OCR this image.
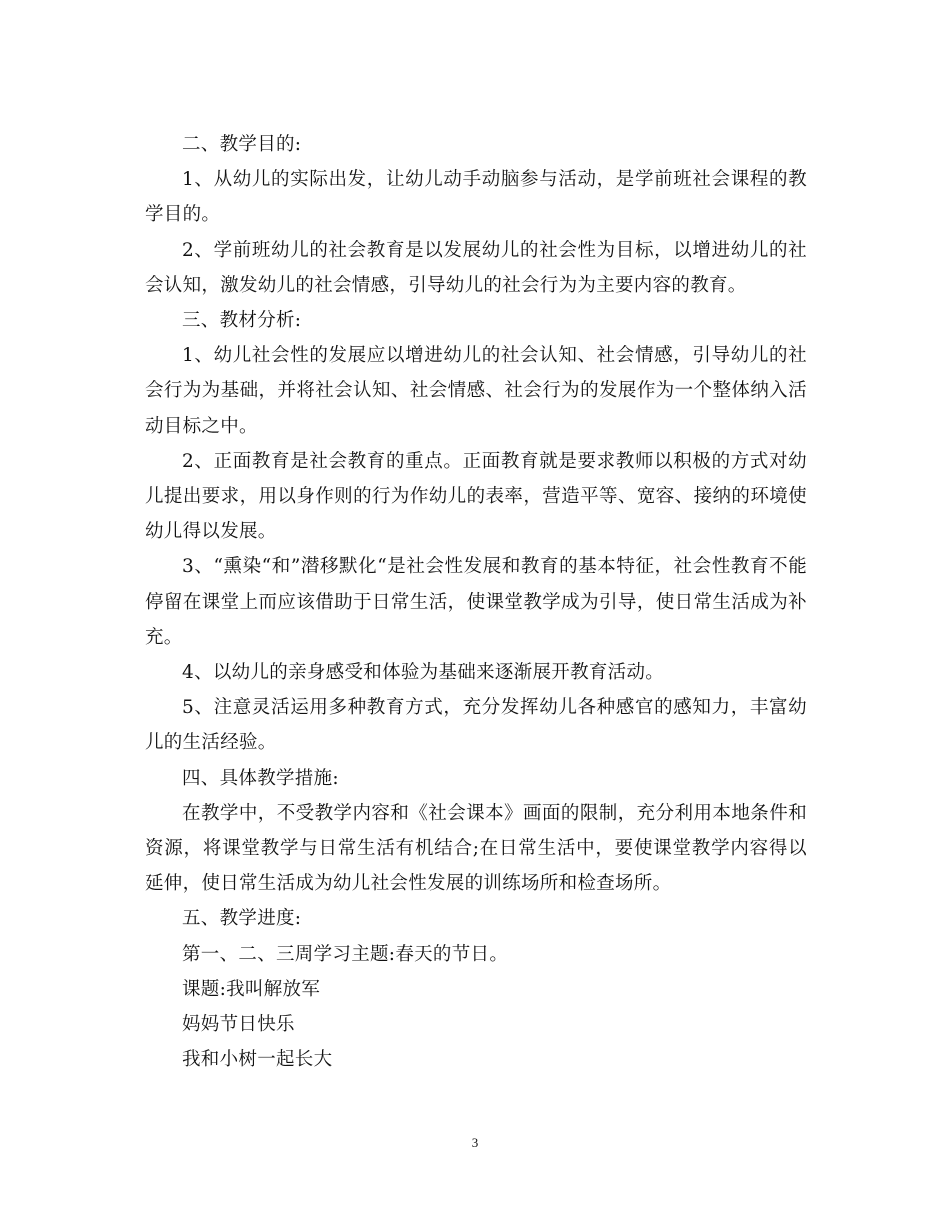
二、教学目的:

1、从幼儿的实际出发，让幼儿动手动脑参与活动，是学前班社会课程的教学目的。

2、学前班幼儿的社会教育是以发展幼儿的社会性为目标，以增进幼儿的社会认知，激发幼儿的社会情感，引导幼儿的社会行为为主要内容的教育。

三、教材分析:

1、幼儿社会性的发展应以增进幼儿的社会认知、社会情感，引导幼儿的社会行为为基础，并将社会认知、社会情感、社会行为的发展作为一个整体纳入活动目标之中。

2、正面教育是社会教育的重点。正面教育就是要求教师以积极的方式对幼儿提出要求，用以身作则的行为作幼儿的表率，营造平等、宽容、接纳的环境使幼儿得以发展。

3、“熏染“和”潜移默化“是社会性发展和教育的基本特征，社会性教育不能停留在课堂上而应该借助于日常生活，使课堂教学成为引导，使日常生活成为补充。

4、以幼儿的亲身感受和体验为基础来逐渐展开教育活动。

5、注意灵活运用多种教育方式，充分发挥幼儿各种感官的感知力，丰富幼儿的生活经验。

四、具体教学措施:

在教学中，不受教学内容和《社会课本》画面的限制，充分利用本地条件和资源，将课堂教学与日常生活有机结合;在日常生活中，要使课堂教学内容得以延伸，使日常生活成为幼儿社会性发展的训练场所和检查场所。

五、教学进度:

第一、二、三周学习主题:春天的节日。

课题:我叫解放军

妈妈节日快乐

我和小树一起长大

3
